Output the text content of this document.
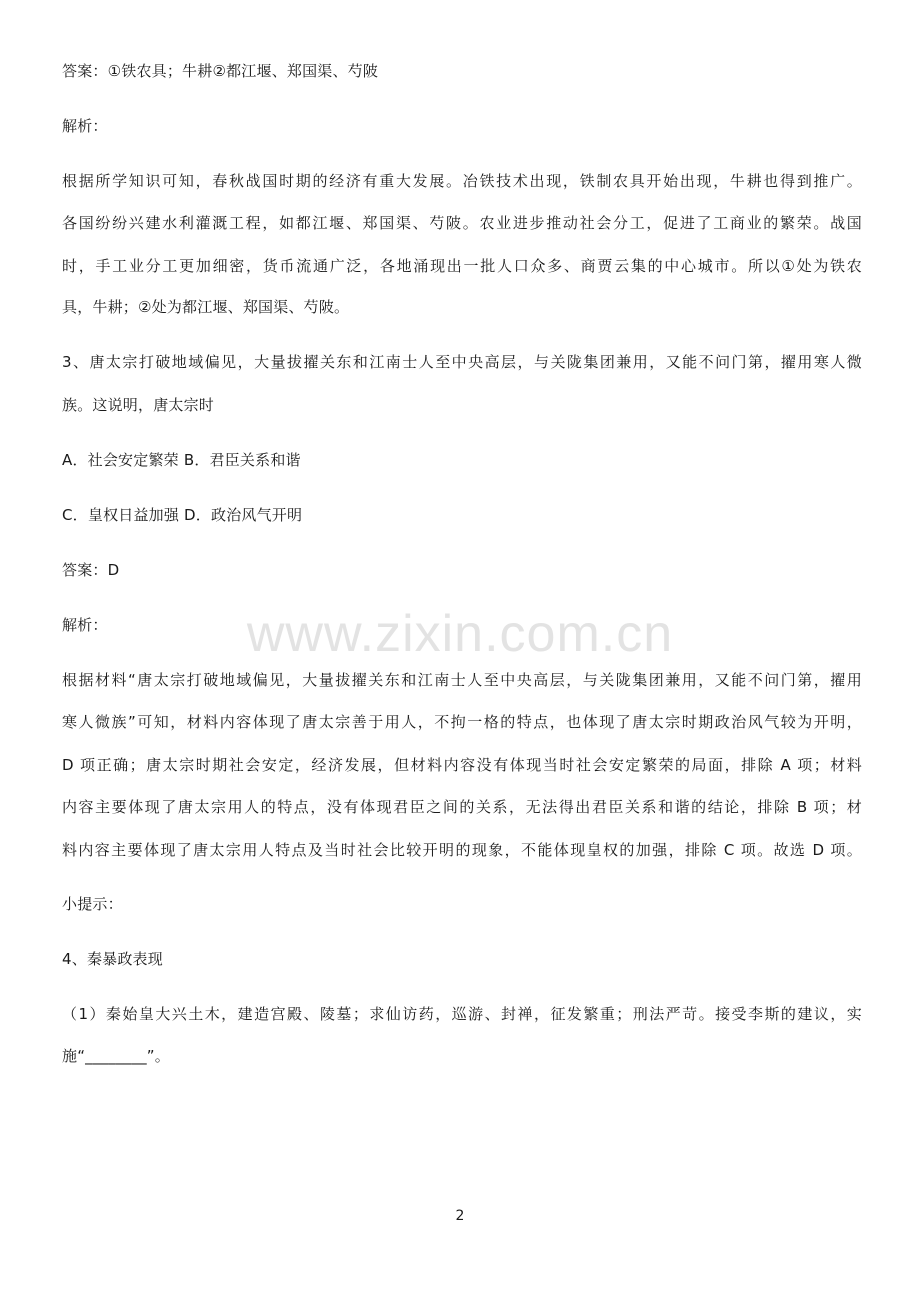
www.zixin.com.cn
答案：①铁农具；牛耕②都江堰、郑国渠、芍陂
解析：
根据所学知识可知，春秋战国时期的经济有重大发展。冶铁技术出现，铁制农具开始出现，牛耕也得到推广。
各国纷纷兴建水利灌溉工程，如都江堰、郑国渠、芍陂。农业进步推动社会分工，促进了工商业的繁荣。战国
时，手工业分工更加细密，货币流通广泛，各地涌现出一批人口众多、商贾云集的中心城市。所以①处为铁农
具，牛耕；②处为都江堰、郑国渠、芍陂。
3、唐太宗打破地域偏见，大量拔擢关东和江南士人至中央高层，与关陇集团兼用，又能不问门第，擢用寒人微
族。这说明，唐太宗时
A．社会安定繁荣 B．君臣关系和谐
C．皇权日益加强 D．政治风气开明
答案：D
解析：
根据材料“唐太宗打破地域偏见，大量拔擢关东和江南士人至中央高层，与关陇集团兼用，又能不问门第，擢用
寒人微族”可知，材料内容体现了唐太宗善于用人，不拘一格的特点，也体现了唐太宗时期政治风气较为开明，
D 项正确；唐太宗时期社会安定，经济发展，但材料内容没有体现当时社会安定繁荣的局面，排除 A 项；材料
内容主要体现了唐太宗用人的特点，没有体现君臣之间的关系，无法得出君臣关系和谐的结论，排除 B 项；材
料内容主要体现了唐太宗用人特点及当时社会比较开明的现象，不能体现皇权的加强，排除 C 项。故选 D 项。
小提示：
4、秦暴政表现
（1）秦始皇大兴土木，建造宫殿、陵墓；求仙访药，巡游、封禅，征发繁重；刑法严苛。接受李斯的建议，实
施“________”。
2
